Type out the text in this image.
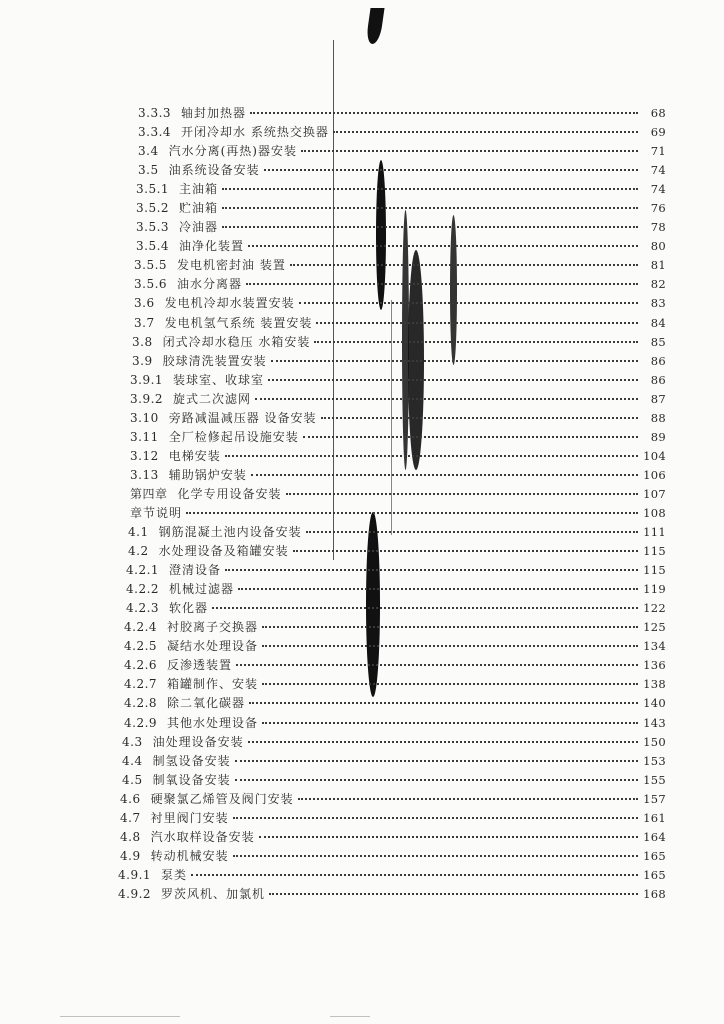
3.3.3 轴封加热器	68
3.3.4 开闭冷却水 系统热交换器	69
3.4 汽水分离(再热)器安装	71
3.5 油系统设备安装	74
3.5.1 主油箱	74
3.5.2 贮油箱	76
3.5.3 冷油器	78
3.5.4 油净化装置	80
3.5.5 发电机密封油 装置	81
3.5.6 油水分离器	82
3.6 发电机冷却水装置安装	83
3.7 发电机氢气系统 装置安装	84
3.8 闭式冷却水稳压 水箱安装	85
3.9 胶球清洗装置安装	86
3.9.1 装球室、收球室	86
3.9.2 旋式二次滤网	87
3.10 旁路减温减压器 设备安装	88
3.11 全厂检修起吊设施安装	89
3.12 电梯安装	104
3.13 辅助锅炉安装	106
第四章 化学专用设备安装	107
章节说明	108
4.1 钢筋混凝土池内设备安装	111
4.2 水处理设备及箱罐安装	115
4.2.1 澄清设备	115
4.2.2 机械过滤器	119
4.2.3 软化器	122
4.2.4 衬胶离子交换器	125
4.2.5 凝结水处理设备	134
4.2.6 反渗透装置	136
4.2.7 箱罐制作、安装	138
4.2.8 除二氧化碳器	140
4.2.9 其他水处理设备	143
4.3 油处理设备安装	150
4.4 制氢设备安装	153
4.5 制氧设备安装	155
4.6 硬聚氯乙烯管及阀门安装	157
4.7 衬里阀门安装	161
4.8 汽水取样设备安装	164
4.9 转动机械安装	165
4.9.1 泵类	165
4.9.2 罗茨风机、加氯机	168
